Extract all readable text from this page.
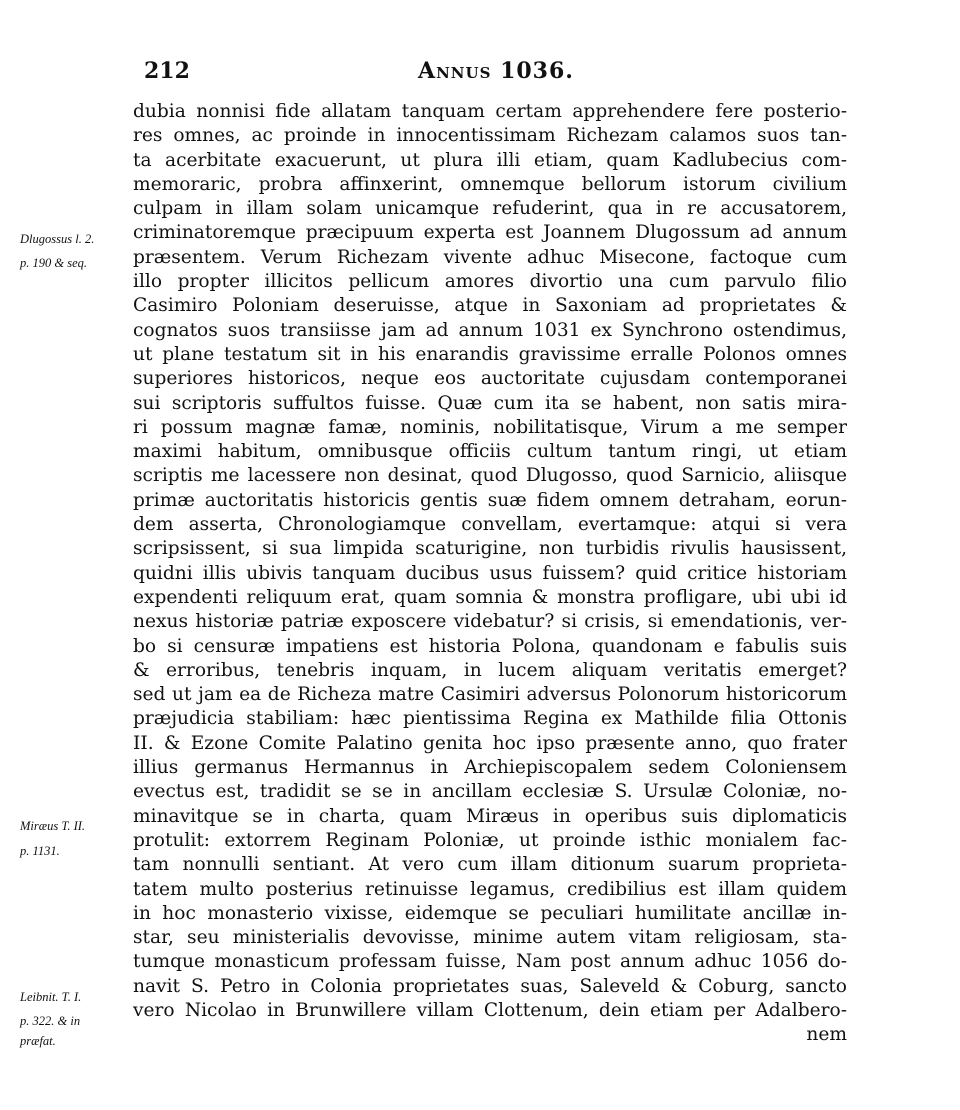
212	Annus 1036.
Dlugossus l. 2.
p. 190 & seq.
Miræus T. II.
p. 1131.
Leibnit. T. I.
p. 322. & in
præfat.
dubia nonnisi fide allatam tanquam certam apprehendere fere posterio-
res omnes, ac proinde in innocentissimam Richezam calamos suos tan-
ta acerbitate exacuerunt, ut plura illi etiam, quam Kadlubecius com-
memoraric, probra affinxerint, omnemque bellorum istorum civilium
culpam in illam solam unicamque refuderint, qua in re accusatorem,
criminatoremque præcipuum experta est Joannem Dlugossum ad annum
præsentem. Verum Richezam vivente adhuc Misecone, factoque cum
illo propter illicitos pellicum amores divortio una cum parvulo filio
Casimiro Poloniam deseruisse, atque in Saxoniam ad proprietates &
cognatos suos transiisse jam ad annum 1031 ex Synchrono ostendimus,
ut plane testatum sit in his enarandis gravissime erralle Polonos omnes
superiores historicos, neque eos auctoritate cujusdam contemporanei
sui scriptoris suffultos fuisse. Quæ cum ita se habent, non satis mira-
ri possum magnæ famæ, nominis, nobilitatisque, Virum a me semper
maximi habitum, omnibusque officiis cultum tantum ringi, ut etiam
scriptis me lacessere non desinat, quod Dlugosso, quod Sarnicio, aliisque
primæ auctoritatis historicis gentis suæ fidem omnem detraham, eorun-
dem asserta, Chronologiamque convellam, evertamque: atqui si vera
scripsissent, si sua limpida scaturigine, non turbidis rivulis hausissent,
quidni illis ubivis tanquam ducibus usus fuissem? quid critice historiam
expendenti reliquum erat, quam somnia & monstra profligare, ubi ubi id
nexus historiæ patriæ exposcere videbatur? si crisis, si emendationis, ver-
bo si censuræ impatiens est historia Polona, quandonam e fabulis suis
& erroribus, tenebris inquam, in lucem aliquam veritatis emerget?
sed ut jam ea de Richeza matre Casimiri adversus Polonorum historicorum
præjudicia stabiliam: hæc pientissima Regina ex Mathilde filia Ottonis
II. & Ezone Comite Palatino genita hoc ipso præsente anno, quo frater
illius germanus Hermannus in Archiepiscopalem sedem Coloniensem
evectus est, tradidit se se in ancillam ecclesiæ S. Ursulæ Coloniæ, no-
minavitque se in charta, quam Miræus in operibus suis diplomaticis
protulit: extorrem Reginam Poloniæ, ut proinde isthic monialem fac-
tam nonnulli sentiant. At vero cum illam ditionum suarum proprieta-
tatem multo posterius retinuisse legamus, credibilius est illam quidem
in hoc monasterio vixisse, eidemque se peculiari humilitate ancillæ in-
star, seu ministerialis devovisse, minime autem vitam religiosam, sta-
tumque monasticum professam fuisse, Nam post annum adhuc 1056 do-
navit S. Petro in Colonia proprietates suas, Saleveld & Coburg, sancto
vero Nicolao in Brunwillere villam Clottenum, dein etiam per Adalbero-
nem
